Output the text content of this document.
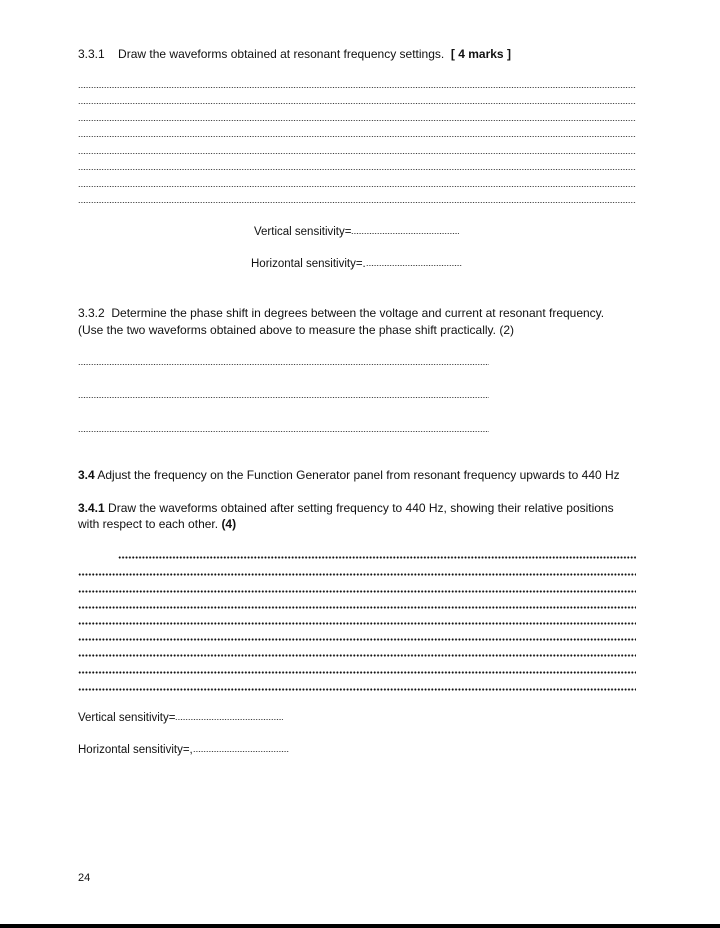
3.3.1 Draw the waveforms obtained at resonant frequency settings. [ 4 marks ]
Vertical sensitivity=
Horizontal sensitivity=.
3.3.2 Determine the phase shift in degrees between the voltage and current at resonant frequency.
(Use the two waveforms obtained above to measure the phase shift practically. (2)
3.4 Adjust the frequency on the Function Generator panel from resonant frequency upwards to 440 Hz
3.4.1 Draw the waveforms obtained after setting frequency to 440 Hz, showing their relative positions
with respect to each other. (4)
Vertical sensitivity=
Horizontal sensitivity=,
24
